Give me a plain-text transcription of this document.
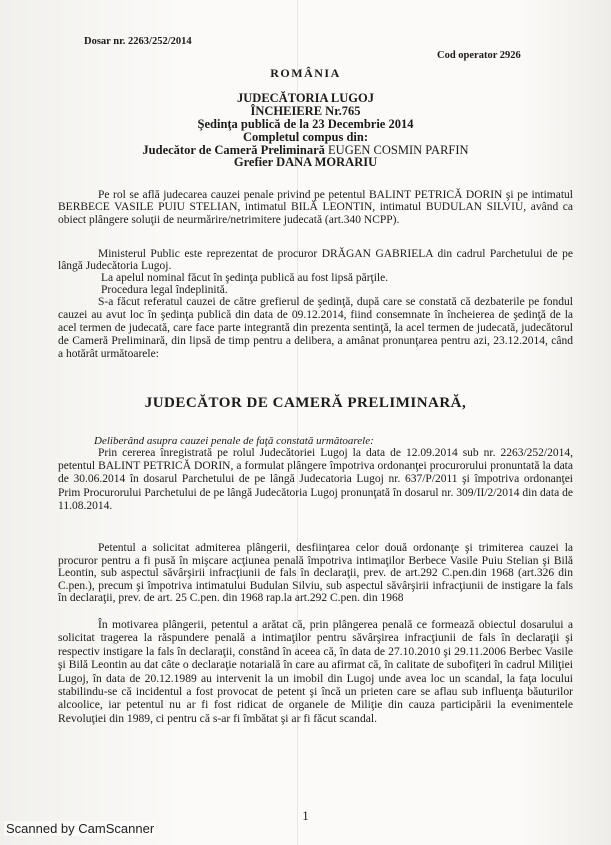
Dosar nr. 2263/252/2014
Cod operator 2926
ROMÂNIA
JUDECĂTORIA LUGOJ
ÎNCHEIERE Nr.765
Şedinţa publică de la 23 Decembrie 2014
Completul compus din:
Judecător de Cameră Preliminară EUGEN COSMIN PARFIN
Grefier DANA MORARIU
Pe rol se află judecarea cauzei penale privind pe petentul BALINT PETRICĂ DORIN şi pe intimatul BERBECE VASILE PUIU STELIAN, intimatul BILĂ LEONTIN, intimatul BUDULAN SILVIU, având ca obiect plângere soluţii de neurmărire/netrimitere judecată (art.340 NCPP).
Ministerul Public este reprezentat de procuror DRĂGAN GABRIELA din cadrul Parchetului de pe lângă Judecătoria Lugoj.
La apelul nominal făcut în şedinţa publică au fost lipsă părţile.
Procedura legal îndeplinită.
S-a făcut referatul cauzei de către grefierul de şedinţă, după care se constată că dezbaterile pe fondul cauzei au avut loc în şedinţa publică din data de 09.12.2014, fiind consemnate în încheierea de şedinţă de la acel termen de judecată, care face parte integrantă din prezenta sentinţă, la acel termen de judecată, judecătorul de Cameră Preliminară, din lipsă de timp pentru a delibera, a amânat pronunţarea pentru azi, 23.12.2014, când a hotărât următoarele:
JUDECĂTOR DE CAMERĂ PRELIMINARĂ,
Deliberând asupra cauzei penale de faţă constată următoarele:
Prin cererea înregistrată pe rolul Judecătoriei Lugoj la data de 12.09.2014 sub nr. 2263/252/2014, petentul BALINT PETRICĂ DORIN, a formulat plângere împotriva ordonanţei procurorului pronuntată la data de 30.06.2014 în dosarul Parchetului de pe lângă Judecatoria Lugoj nr. 637/P/2011 şi împotriva ordonanţei Prim Procurorului Parchetului de pe lângă Judecătoria Lugoj pronunţată în dosarul nr. 309/II/2/2014 din data de 11.08.2014.
Petentul a solicitat admiterea plângerii, desfiinţarea celor două ordonanţe şi trimiterea cauzei la procuror pentru a fi pusă în mişcare acţiunea penală împotriva intimaţilor Berbece Vasile Puiu Stelian şi Bilă Leontin, sub aspectul săvârşirii infracţiunii de fals în declaraţii, prev. de art.292 C.pen.din 1968 (art.326 din C.pen.), precum şi împotriva intimatului Budulan Silviu, sub aspectul săvârşirii infracţiunii de instigare la fals în declaraţii, prev. de art. 25 C.pen. din 1968 rap.la art.292 C.pen. din 1968
În motivarea plângerii, petentul a arătat că, prin plângerea penală ce formează obiectul dosarului a solicitat tragerea la răspundere penală a intimaţilor pentru săvârşirea infracţiunii de fals în declaraţii şi respectiv instigare la fals în declaraţii, constând în aceea că, în data de 27.10.2010 şi 29.11.2006 Berbec Vasile şi Bilă Leontin au dat câte o declaraţie notarială în care au afirmat că, în calitate de subofiţeri în cadrul Miliţiei Lugoj, în data de 20.12.1989 au intervenit la un imobil din Lugoj unde avea loc un scandal, la faţa locului stabilindu-se că incidentul a fost provocat de petent şi încă un prieten care se aflau sub influenţa băuturilor alcoolice, iar petentul nu ar fi fost ridicat de organele de Miliţie din cauza participării la evenimentele Revoluţiei din 1989, ci pentru că s-ar fi îmbătat şi ar fi făcut scandal.
1
Scanned by CamScanner
